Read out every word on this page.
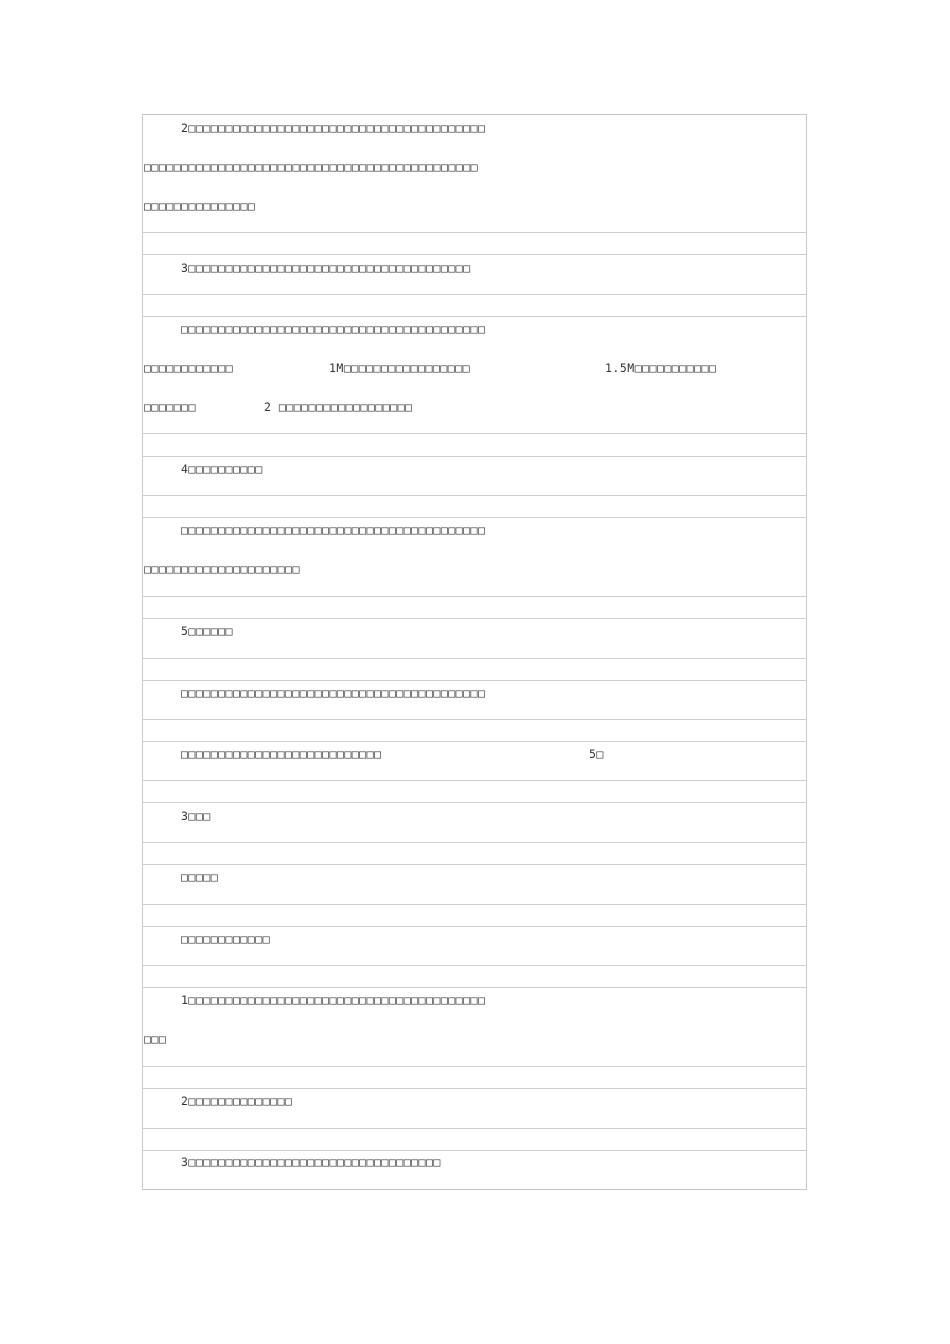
2□□□□□□□□□□□□□□□□□□□□□□□□□□□□□□□□□□□□□□□□
□□□□□□□□□□□□□□□□□□□□□□□□□□□□□□□□□□□□□□□□□□□□□
□□□□□□□□□□□□□□□
3□□□□□□□□□□□□□□□□□□□□□□□□□□□□□□□□□□□□□□
□□□□□□□□□□□□□□□□□□□□□□□□□□□□□□□□□□□□□□□□□
□□□□□□□□□□□□	1M□□□□□□□□□□□□□□□□□	1.5M□□□□□□□□□□□
□□□□□□□	2 □□□□□□□□□□□□□□□□□□
4□□□□□□□□□□
□□□□□□□□□□□□□□□□□□□□□□□□□□□□□□□□□□□□□□□□□
□□□□□□□□□□□□□□□□□□□□□
5□□□□□□
□□□□□□□□□□□□□□□□□□□□□□□□□□□□□□□□□□□□□□□□□
□□□□□□□□□□□□□□□□□□□□□□□□□□□	5□
3□□□
□□□□□
□□□□□□□□□□□□
1□□□□□□□□□□□□□□□□□□□□□□□□□□□□□□□□□□□□□□□□
□□□
2□□□□□□□□□□□□□□
3□□□□□□□□□□□□□□□□□□□□□□□□□□□□□□□□□□
